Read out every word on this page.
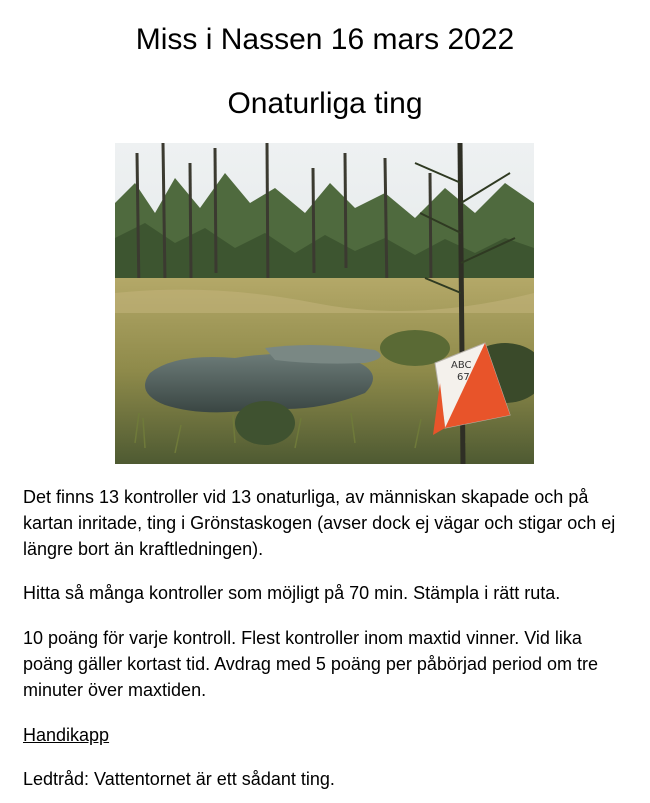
Miss i Nassen 16 mars 2022
Onaturliga ting
ABC
67

Det finns 13 kontroller vid 13 onaturliga, av människan skapade och på kartan inritade, ting i Grönstaskogen (avser dock ej vägar och stigar och ej längre bort än kraftledningen).

Hitta så många kontroller som möjligt på 70 min. Stämpla i rätt ruta.

10 poäng för varje kontroll. Flest kontroller inom maxtid vinner. Vid lika poäng gäller kortast tid. Avdrag med 5 poäng per påbörjad period om tre minuter över maxtiden.

Handikapp

Ledtråd: Vattentornet är ett sådant ting.
